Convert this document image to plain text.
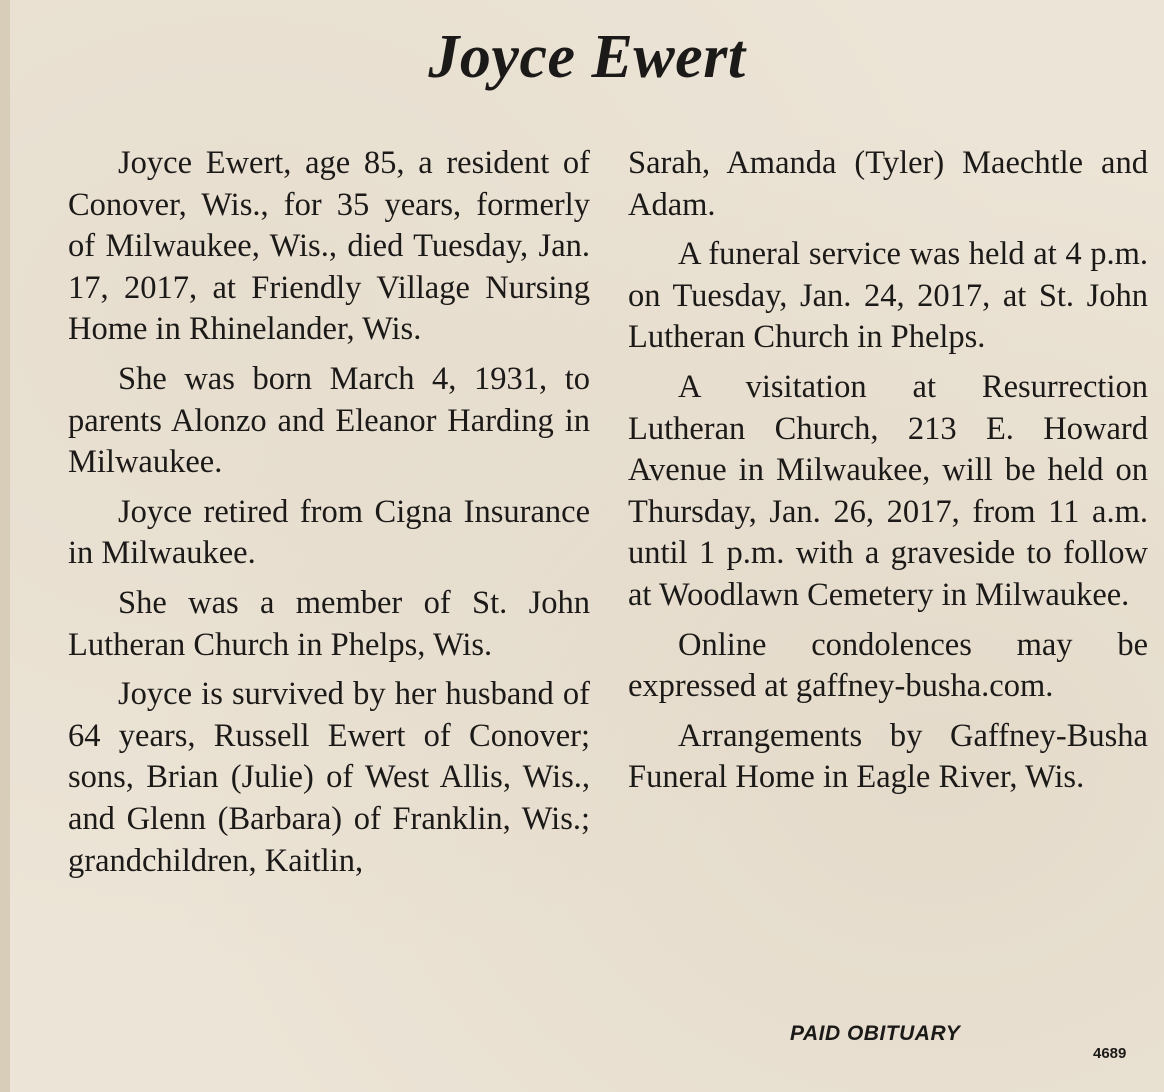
Joyce Ewert

Joyce Ewert, age 85, a resident of Conover, Wis., for 35 years, formerly of Milwaukee, Wis., died Tuesday, Jan. 17, 2017, at Friendly Village Nursing Home in Rhinelander, Wis.

She was born March 4, 1931, to parents Alonzo and Eleanor Harding in Milwaukee.

Joyce retired from Cigna Insurance in Milwaukee.

She was a member of St. John Lutheran Church in Phelps, Wis.

Joyce is survived by her husband of 64 years, Russell Ewert of Conover; sons, Brian (Julie) of West Allis, Wis., and Glenn (Barbara) of Franklin, Wis.; grandchildren, Kaitlin,

Sarah, Amanda (Tyler) Maechtle and Adam.

A funeral service was held at 4 p.m. on Tuesday, Jan. 24, 2017, at St. John Lutheran Church in Phelps.

A visitation at Resurrection Lutheran Church, 213 E. Howard Avenue in Milwaukee, will be held on Thursday, Jan. 26, 2017, from 11 a.m. until 1 p.m. with a graveside to follow at Woodlawn Cemetery in Milwaukee.

Online condolences may be expressed at gaffney-busha.com.

Arrangements by Gaffney-Busha Funeral Home in Eagle River, Wis.

PAID OBITUARY
4689
